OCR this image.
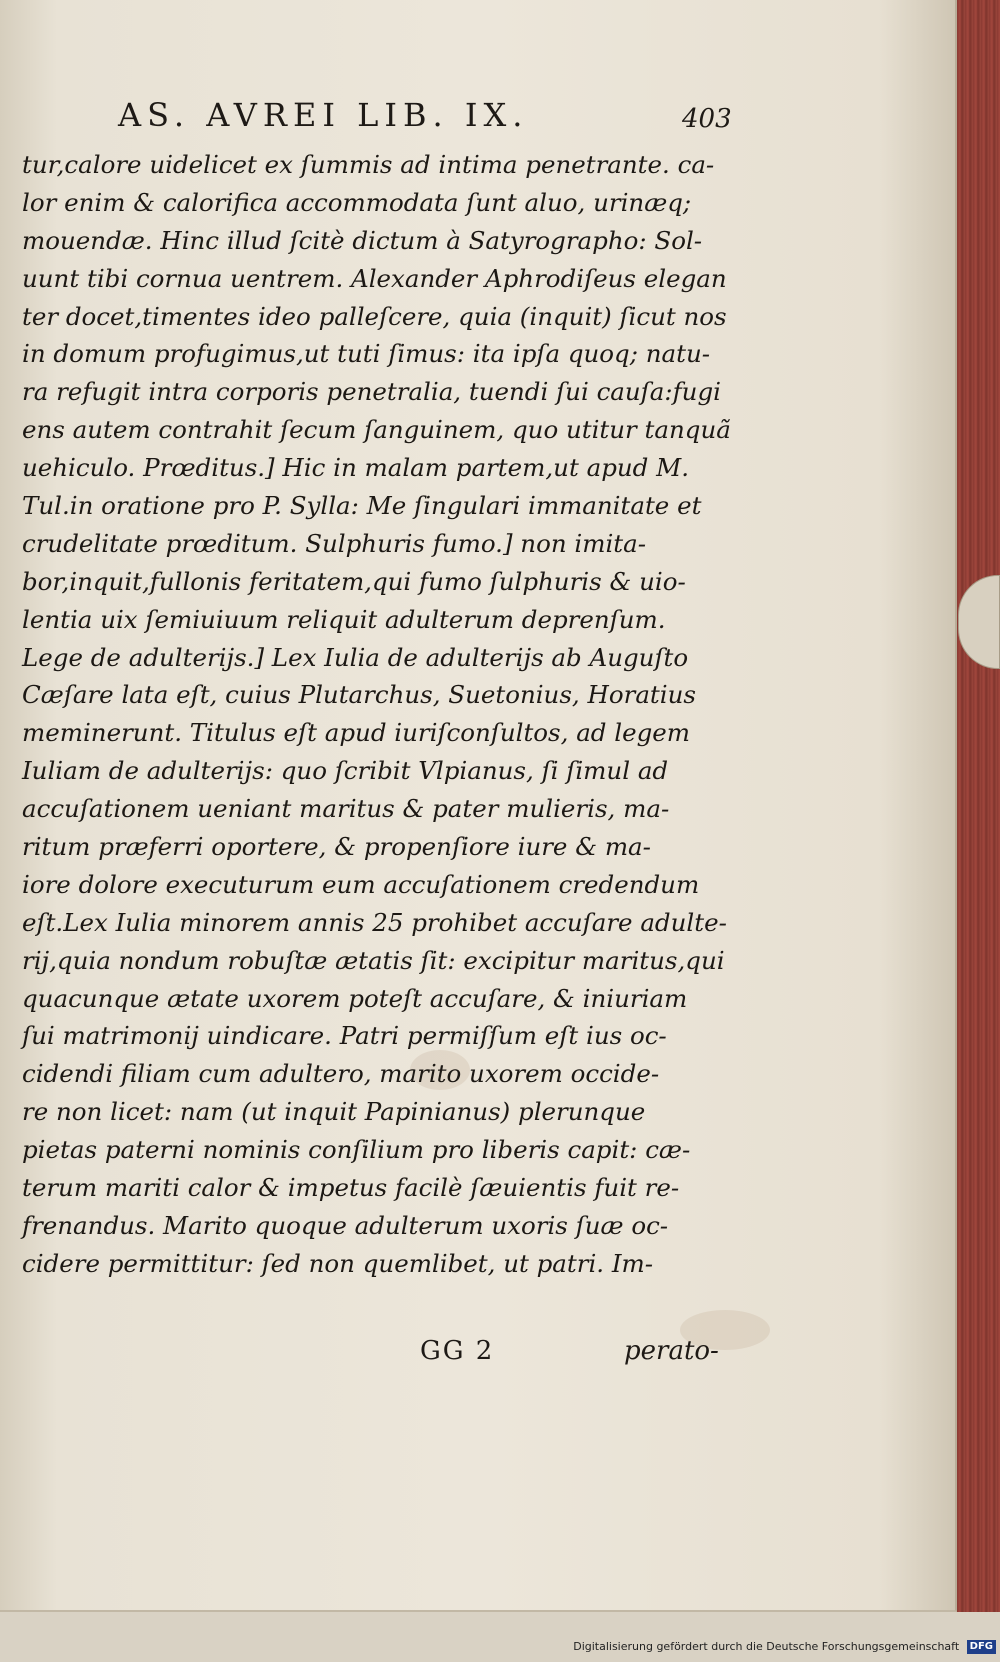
AS. AVREI LIB. IX.	403
tur,calore uidelicet ex ſummis ad intima penetrante. ca-
lor enim & calorifica accommodata ſunt aluo, urinæq;
mouendæ. Hinc illud ſcitè dictum à Satyrographo: Sol-
uunt tibi cornua uentrem. Alexander Aphrodiſeus elegan
ter docet,timentes ideo palleſcere, quia (inquit) ſicut nos
in domum profugimus,ut tuti ſimus: ita ipſa quoq; natu-
ra refugit intra corporis penetralia, tuendi ſui cauſa:fugi
ens autem contrahit ſecum ſanguinem, quo utitur tanquã
uehiculo. Prœditus.] Hic in malam partem,ut apud M.
Tul.in oratione pro P. Sylla: Me ſingulari immanitate et
crudelitate prœditum. Sulphuris fumo.] non imita-
bor,inquit,fullonis feritatem,qui fumo ſulphuris & uio-
lentia uix ſemiuiuum reliquit adulterum deprenſum.
Lege de adulterijs.] Lex Iulia de adulterijs ab Auguſto
Cæſare lata eſt, cuius Plutarchus, Suetonius, Horatius
meminerunt. Titulus eſt apud iuriſconſultos, ad legem
Iuliam de adulterijs: quo ſcribit Vlpianus, ſi ſimul ad
accuſationem ueniant maritus & pater mulieris, ma-
ritum præferri oportere, & propenſiore iure & ma-
iore dolore executurum eum accuſationem credendum
eſt.Lex Iulia minorem annis 25 prohibet accuſare adulte-
rij,quia nondum robuſtæ ætatis ſit: excipitur maritus,qui
quacunque ætate uxorem poteſt accuſare, & iniuriam
ſui matrimonij uindicare. Patri permiſſum eſt ius oc-
cidendi filiam cum adultero, marito uxorem occide-
re non licet: nam (ut inquit Papinianus) plerunque
pietas paterni nominis conſilium pro liberis capit: cæ-
terum mariti calor & impetus facilè ſæuientis fuit re-
frenandus. Marito quoque adulterum uxoris ſuæ oc-
cidere permittitur: ſed non quemlibet, ut patri. Im-
GG 2	perato-
Digitalisierung gefördert durch die Deutsche Forschungsgemeinschaft DFG
